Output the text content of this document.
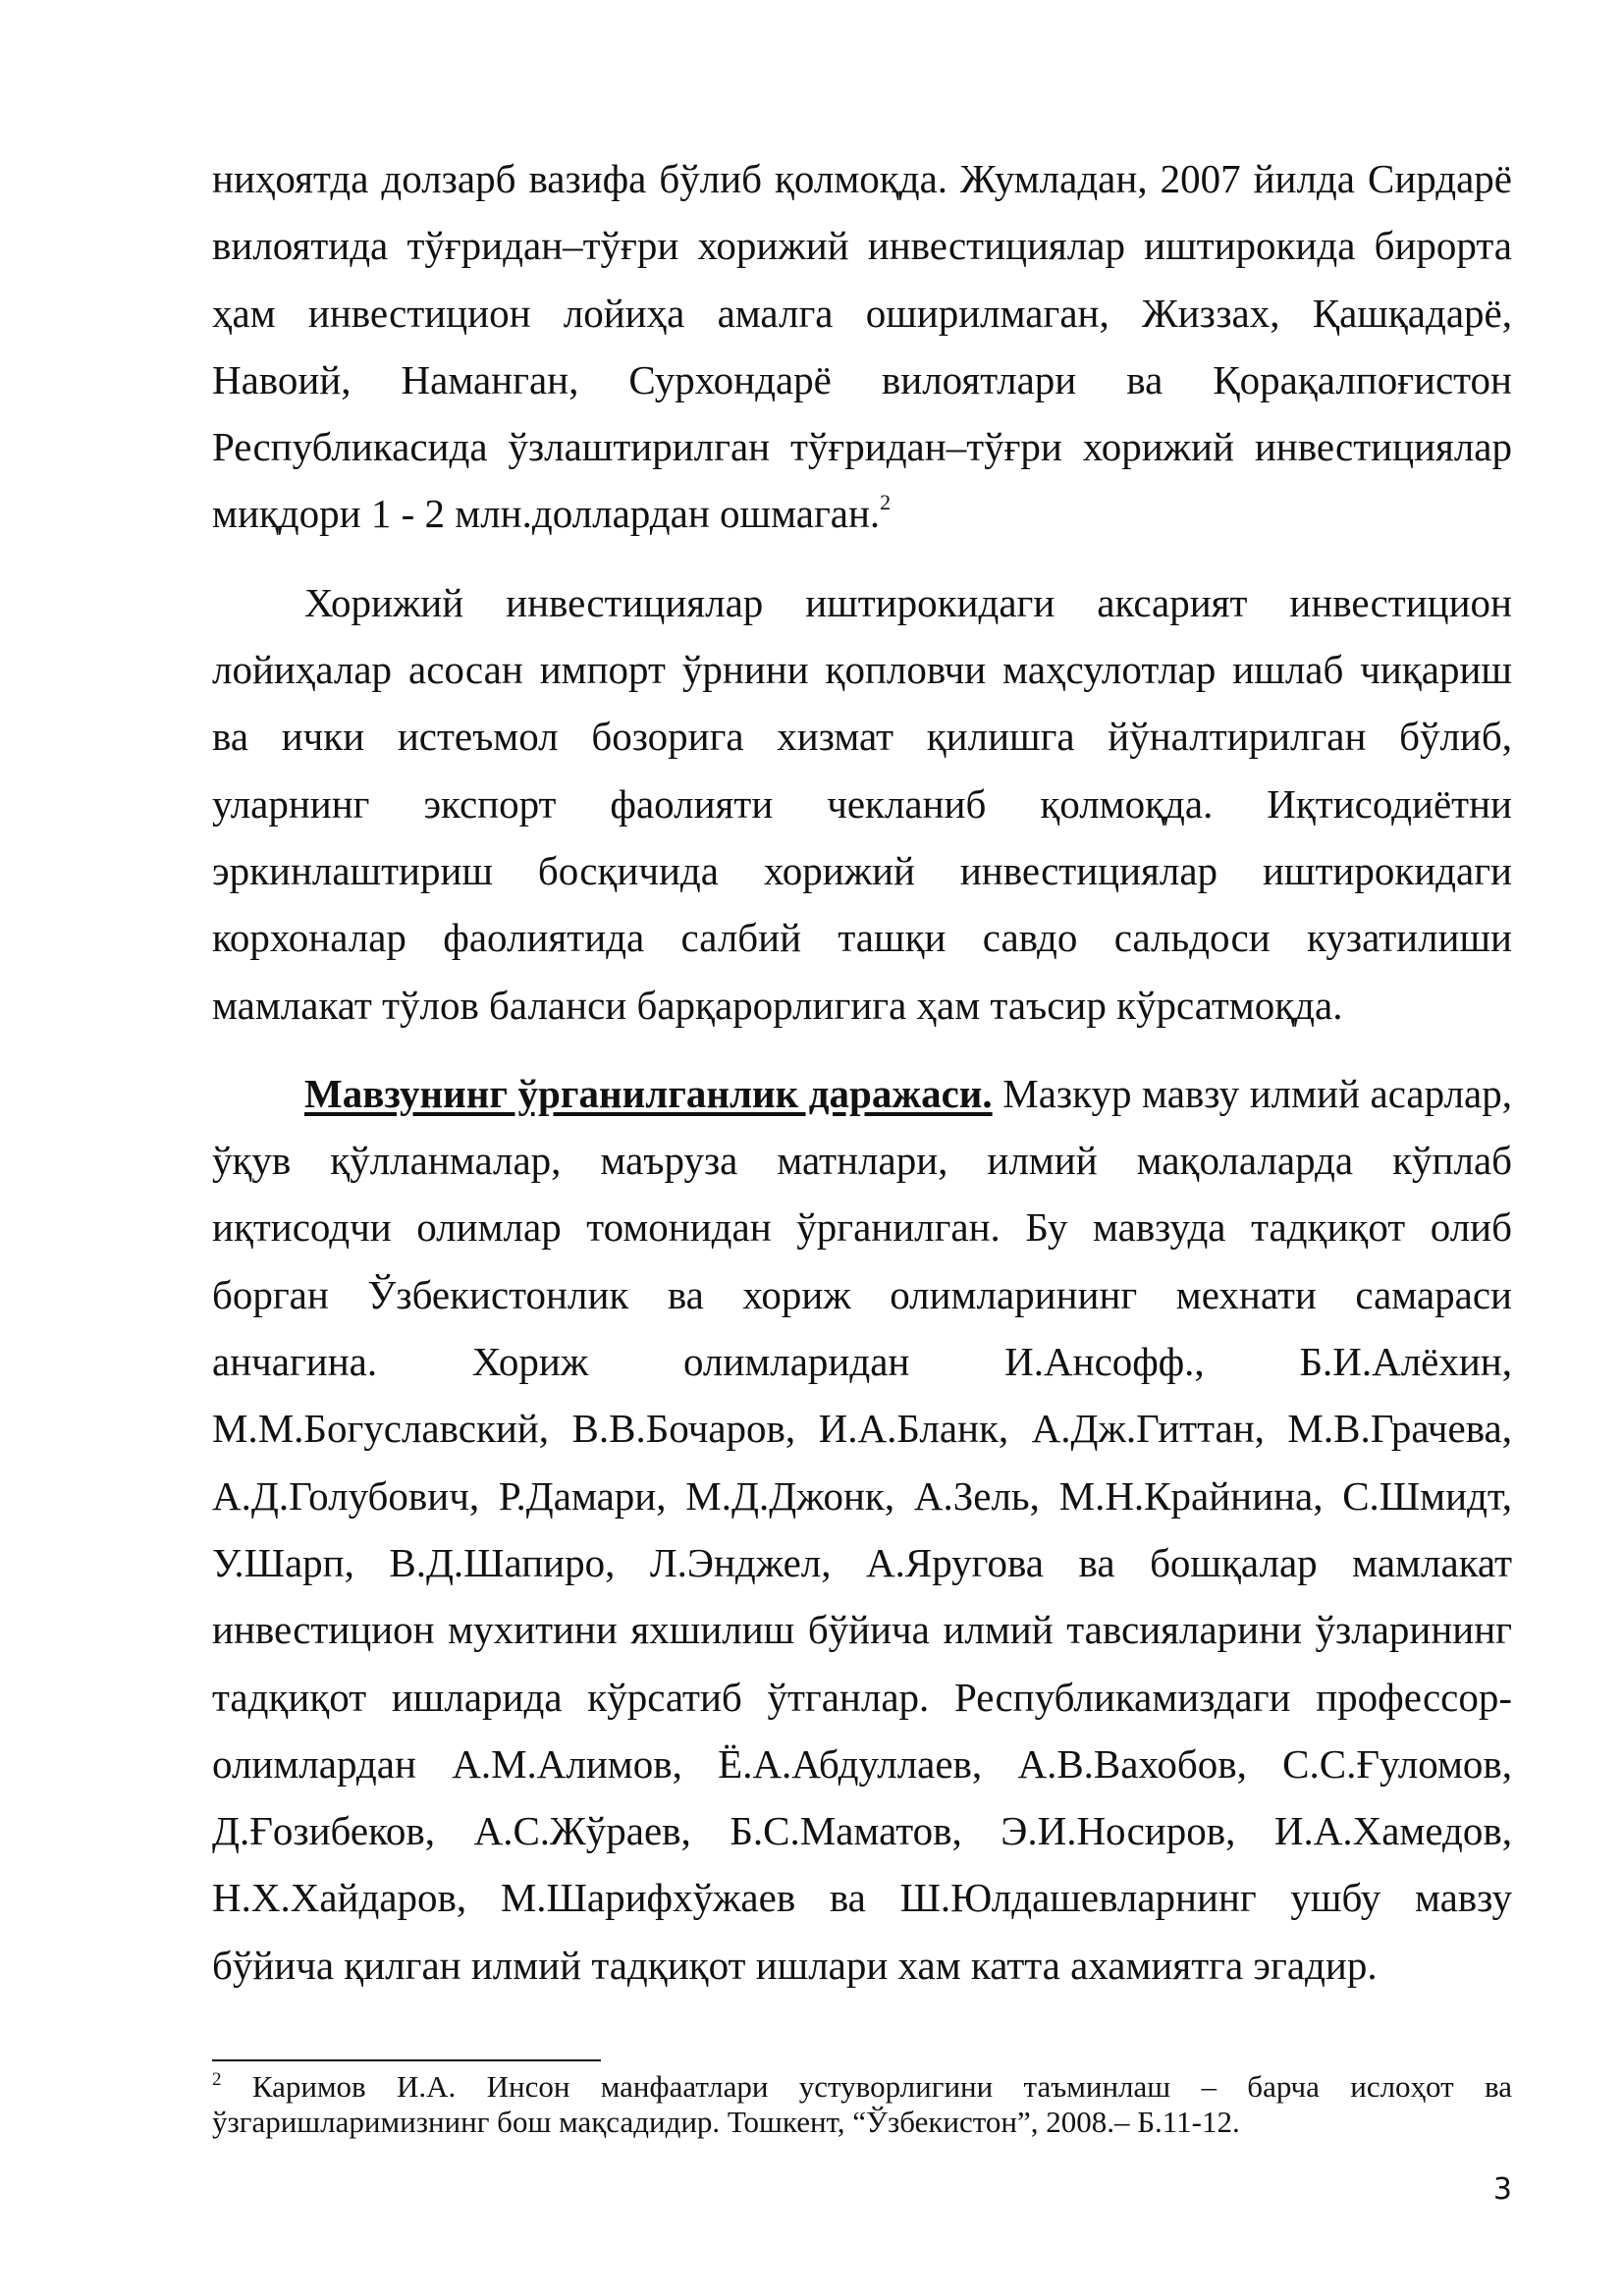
ниҳоятда долзарб вазифа бўлиб қолмоқда. Жумладан, 2007 йилда Сирдарё вилоятида тўғридан–тўғри хорижий инвестициялар иштирокида бирорта ҳам инвестицион лойиҳа амалга оширилмаган, Жиззах, Қашқадарё, Навоий, Наманган, Сурхондарё вилоятлари ва Қорақалпоғистон Республикасида ўзлаштирилган тўғридан–тўғри хорижий инвестициялар миқдори 1 - 2 млн.доллардан ошмаган.$^2$

Хорижий инвестициялар иштирокидаги аксарият инвестицион лойиҳалар асосан импорт ўрнини қопловчи маҳсулотлар ишлаб чиқариш ва ички истеъмол бозорига хизмат қилишга йўналтирилган бўлиб, уларнинг экспорт фаолияти чекланиб қолмоқда. Иқтисодиётни эркинлаштириш босқичида хорижий инвестициялар иштирокидаги корхоналар фаолиятида салбий ташқи савдо сальдоси кузатилиши мамлакат тўлов баланси барқарорлигига ҳам таъсир кўрсатмоқда.

Мавзунинг ўрганилганлик даражаси. Мазкур мавзу илмий асарлар, ўқув қўлланмалар, маъруза матнлари, илмий мақолаларда кўплаб иқтисодчи олимлар томонидан ўрганилган. Бу мавзуда тадқиқот олиб борган Ўзбекистонлик ва хориж олимларининг мехнати самараси анчагина. Хориж олимларидан И.Ансофф., Б.И.Алёхин, М.М.Богуславский, В.В.Бочаров, И.А.Бланк, А.Дж.Гиттан, М.В.Грачева, А.Д.Голубович, Р.Дамари, М.Д.Джонк, А.Зель, М.Н.Крайнина, С.Шмидт, У.Шарп, В.Д.Шапиро, Л.Энджел, А.Яругова ва бошқалар мамлакат инвестицион мухитини яхшилиш бўйича илмий тавсияларини ўзларининг тадқиқот ишларида кўрсатиб ўтганлар. Республикамиздаги профессор-олимлардан А.М.Алимов, Ё.А.Абдуллаев, А.В.Вахобов, С.С.Ғуломов, Д.Ғозибеков, А.С.Жўраев, Б.С.Маматов, Э.И.Носиров, И.А.Хамедов, Н.Х.Хайдаров, М.Шарифхўжаев ва Ш.Юлдашевларнинг ушбу мавзу бўйича қилган илмий тадқиқот ишлари хам катта ахамиятга эгадир.

$^2$ Каримов И.А. Инсон манфаатлари устуворлигини таъминлаш – барча ислоҳот ва ўзгаришларимизнинг бош мақсадидир. Тошкент, “Ўзбекистон”, 2008.– Б.11-12.
3
